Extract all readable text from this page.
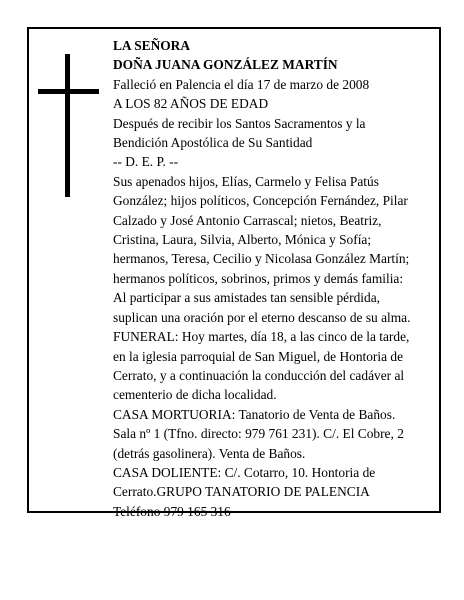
LA SEÑORA
DOÑA JUANA GONZÁLEZ MARTÍN
Falleció en Palencia el día 17 de marzo de 2008
A LOS 82 AÑOS DE EDAD
Después de recibir los Santos Sacramentos y la
Bendición Apostólica de Su Santidad
-- D. E. P. --
Sus apenados hijos, Elías, Carmelo y Felisa Patús
González; hijos políticos, Concepción Fernández, Pilar
Calzado y José Antonio Carrascal; nietos, Beatriz,
Cristina, Laura, Silvia, Alberto, Mónica y Sofía;
hermanos, Teresa, Cecilio y Nicolasa González Martín;
hermanos políticos, sobrinos, primos y demás familia:
Al participar a sus amistades tan sensible pérdida,
suplican una oración por el eterno descanso de su alma.
FUNERAL: Hoy martes, día 18, a las cinco de la tarde,
en la iglesia parroquial de San Miguel, de Hontoria de
Cerrato, y a continuación la conducción del cadáver al
cementerio de dicha localidad.
CASA MORTUORIA: Tanatorio de Venta de Baños.
Sala nº 1 (Tfno. directo: 979 761 231). C/. El Cobre, 2
(detrás gasolinera). Venta de Baños.
CASA DOLIENTE: C/. Cotarro, 10. Hontoria de
Cerrato.GRUPO TANATORIO DE PALENCIA
Teléfono 979 165 316
